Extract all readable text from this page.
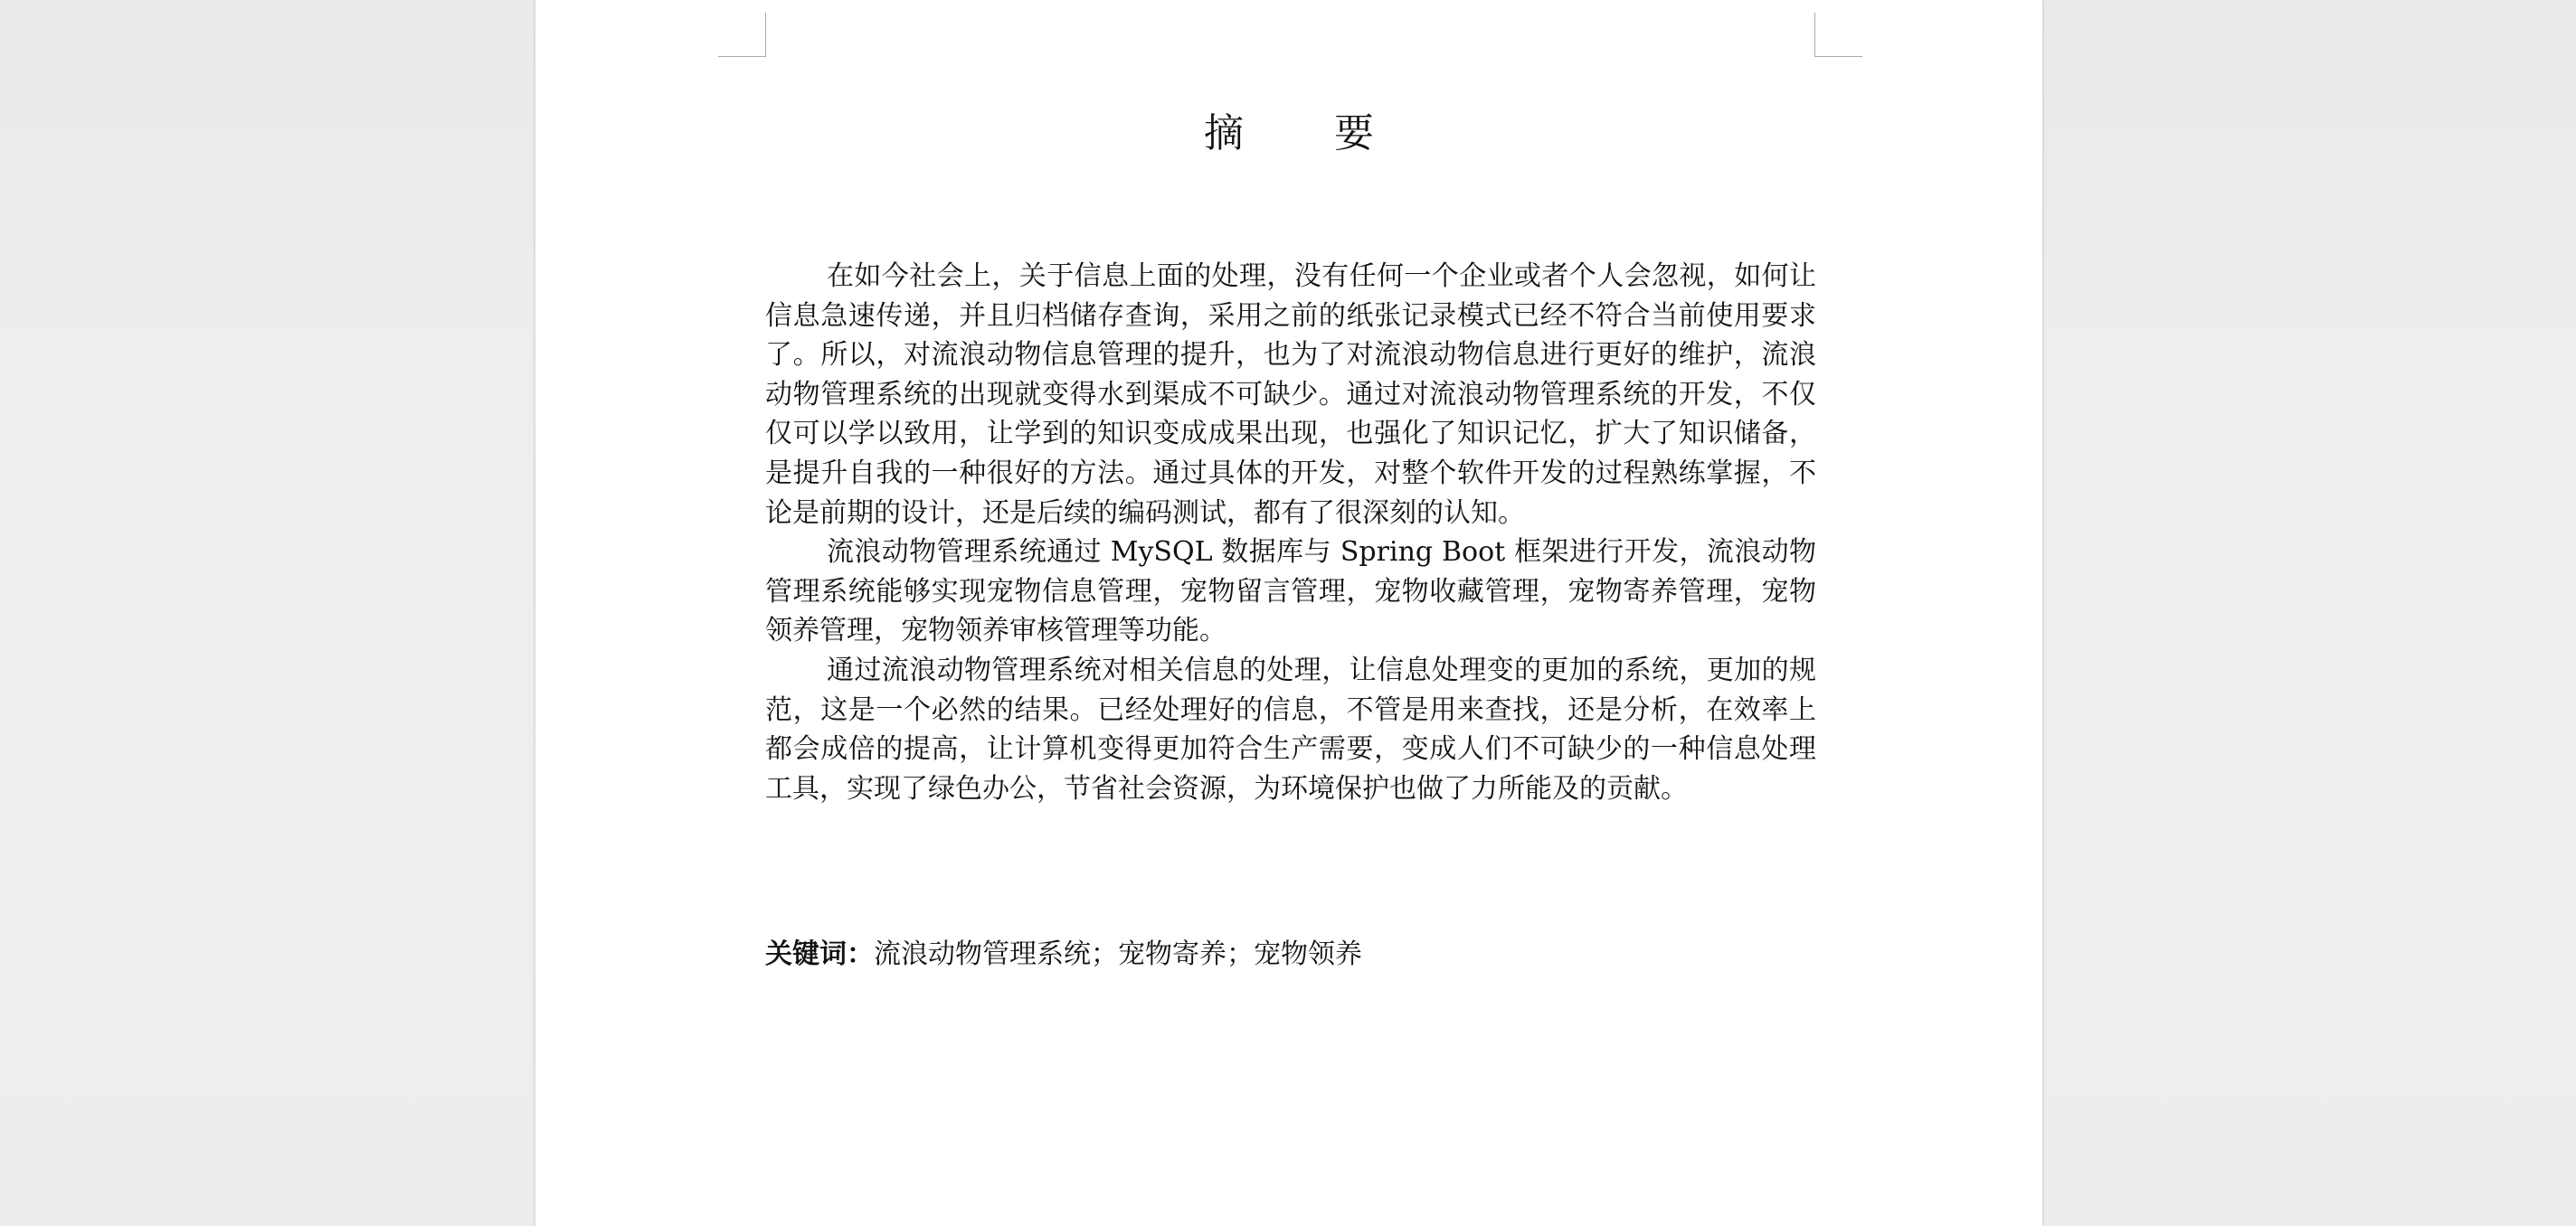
摘 要

在如今社会上，关于信息上面的处理，没有任何一个企业或者个人会忽视，如何让信息急速传递，并且归档储存查询，采用之前的纸张记录模式已经不符合当前使用要求了。所以，对流浪动物信息管理的提升，也为了对流浪动物信息进行更好的维护，流浪动物管理系统的出现就变得水到渠成不可缺少。通过对流浪动物管理系统的开发，不仅仅可以学以致用，让学到的知识变成成果出现，也强化了知识记忆，扩大了知识储备，是提升自我的一种很好的方法。通过具体的开发，对整个软件开发的过程熟练掌握，不论是前期的设计，还是后续的编码测试，都有了很深刻的认知。

流浪动物管理系统通过 MySQL 数据库与 Spring Boot 框架进行开发，流浪动物管理系统能够实现宠物信息管理，宠物留言管理，宠物收藏管理，宠物寄养管理，宠物领养管理，宠物领养审核管理等功能。

通过流浪动物管理系统对相关信息的处理，让信息处理变的更加的系统，更加的规范，这是一个必然的结果。已经处理好的信息，不管是用来查找，还是分析，在效率上都会成倍的提高，让计算机变得更加符合生产需要，变成人们不可缺少的一种信息处理工具，实现了绿色办公，节省社会资源，为环境保护也做了力所能及的贡献。

关键词：流浪动物管理系统；宠物寄养；宠物领养
